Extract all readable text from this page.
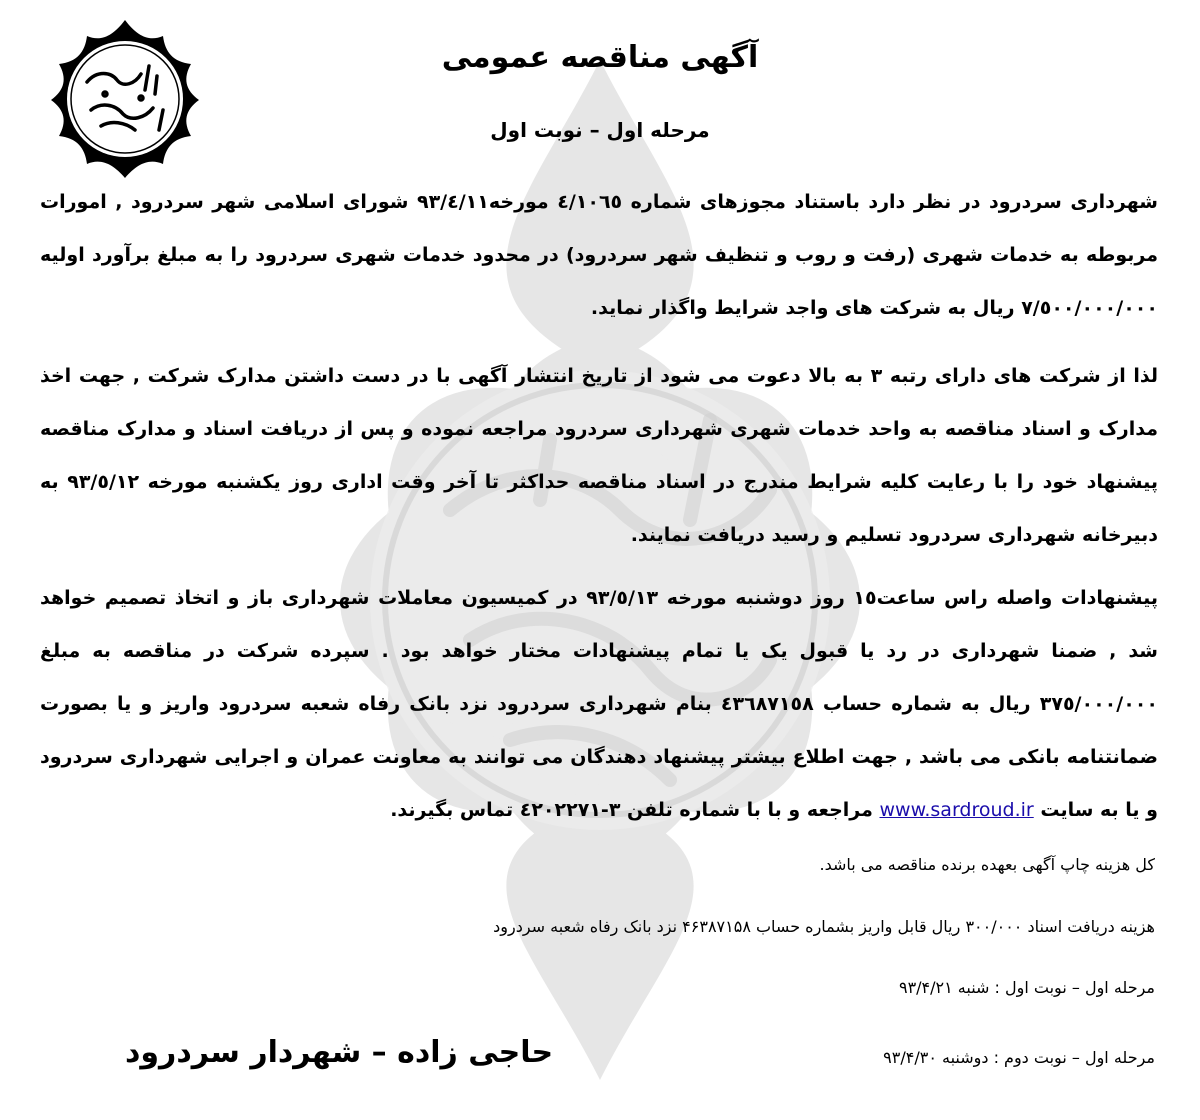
آگهی مناقصه عمومی
مرحله اول – نوبت اول

شهرداری سردرود در نظر دارد باستناد مجوزهای شماره ٤/١٠٦٥ مورخه٩٣/٤/١١ شورای اسلامی شهر سردرود , امورات مربوطه به خدمات شهری (رفت و روب و تنظیف شهر سردرود) در محدود خدمات شهری سردرود را به مبلغ برآورد اولیه ٧/٥٠٠/٠٠٠/٠٠٠ ریال به شرکت های واجد شرایط واگذار نماید.

لذا از شرکت های دارای رتبه ٣ به بالا دعوت می شود از تاریخ انتشار آگهی با در دست داشتن مدارک شرکت , جهت اخذ مدارک و اسناد مناقصه به واحد خدمات شهری شهرداری سردرود مراجعه نموده و پس از دریافت اسناد و مدارک مناقصه پیشنهاد خود را با رعایت کلیه شرایط مندرج در اسناد مناقصه حداکثر تا آخر وقت اداری روز یکشنبه مورخه ٩٣/٥/١٢ به دبیرخانه شهرداری سردرود تسلیم و رسید دریافت نمایند.

پیشنهادات واصله راس ساعت١٥ روز دوشنبه مورخه ٩٣/٥/١٣ در کمیسیون معاملات شهرداری باز و اتخاذ تصمیم خواهد شد , ضمنا شهرداری در رد یا قبول یک یا تمام پیشنهادات مختار خواهد بود . سپرده شرکت در مناقصه به مبلغ ٣٧٥/٠٠٠/٠٠٠ ریال به شماره حساب ٤٣٦٨٧١٥٨ بنام شهرداری سردرود نزد بانک رفاه شعبه سردرود واریز و یا بصورت ضمانتنامه بانکی می باشد , جهت اطلاع بیشتر پیشنهاد دهندگان می توانند به معاونت عمران و اجرایی شهرداری سردرود و یا به سایت www.sardroud.ir مراجعه و با با شماره تلفن ٣-٤٢٠٢٢٧١ تماس بگیرند.

کل هزینه چاپ آگهی بعهده برنده مناقصه می باشد.

هزینه دریافت اسناد ۳۰۰/۰۰۰ ریال قابل واریز بشماره حساب ۴۶۳۸۷۱۵۸ نزد بانک رفاه شعبه سردرود

مرحله اول – نوبت اول : شنبه ۹۳/۴/۲۱

مرحله اول – نوبت دوم : دوشنبه ۹۳/۴/۳۰

حاجی زاده – شهردار سردرود
